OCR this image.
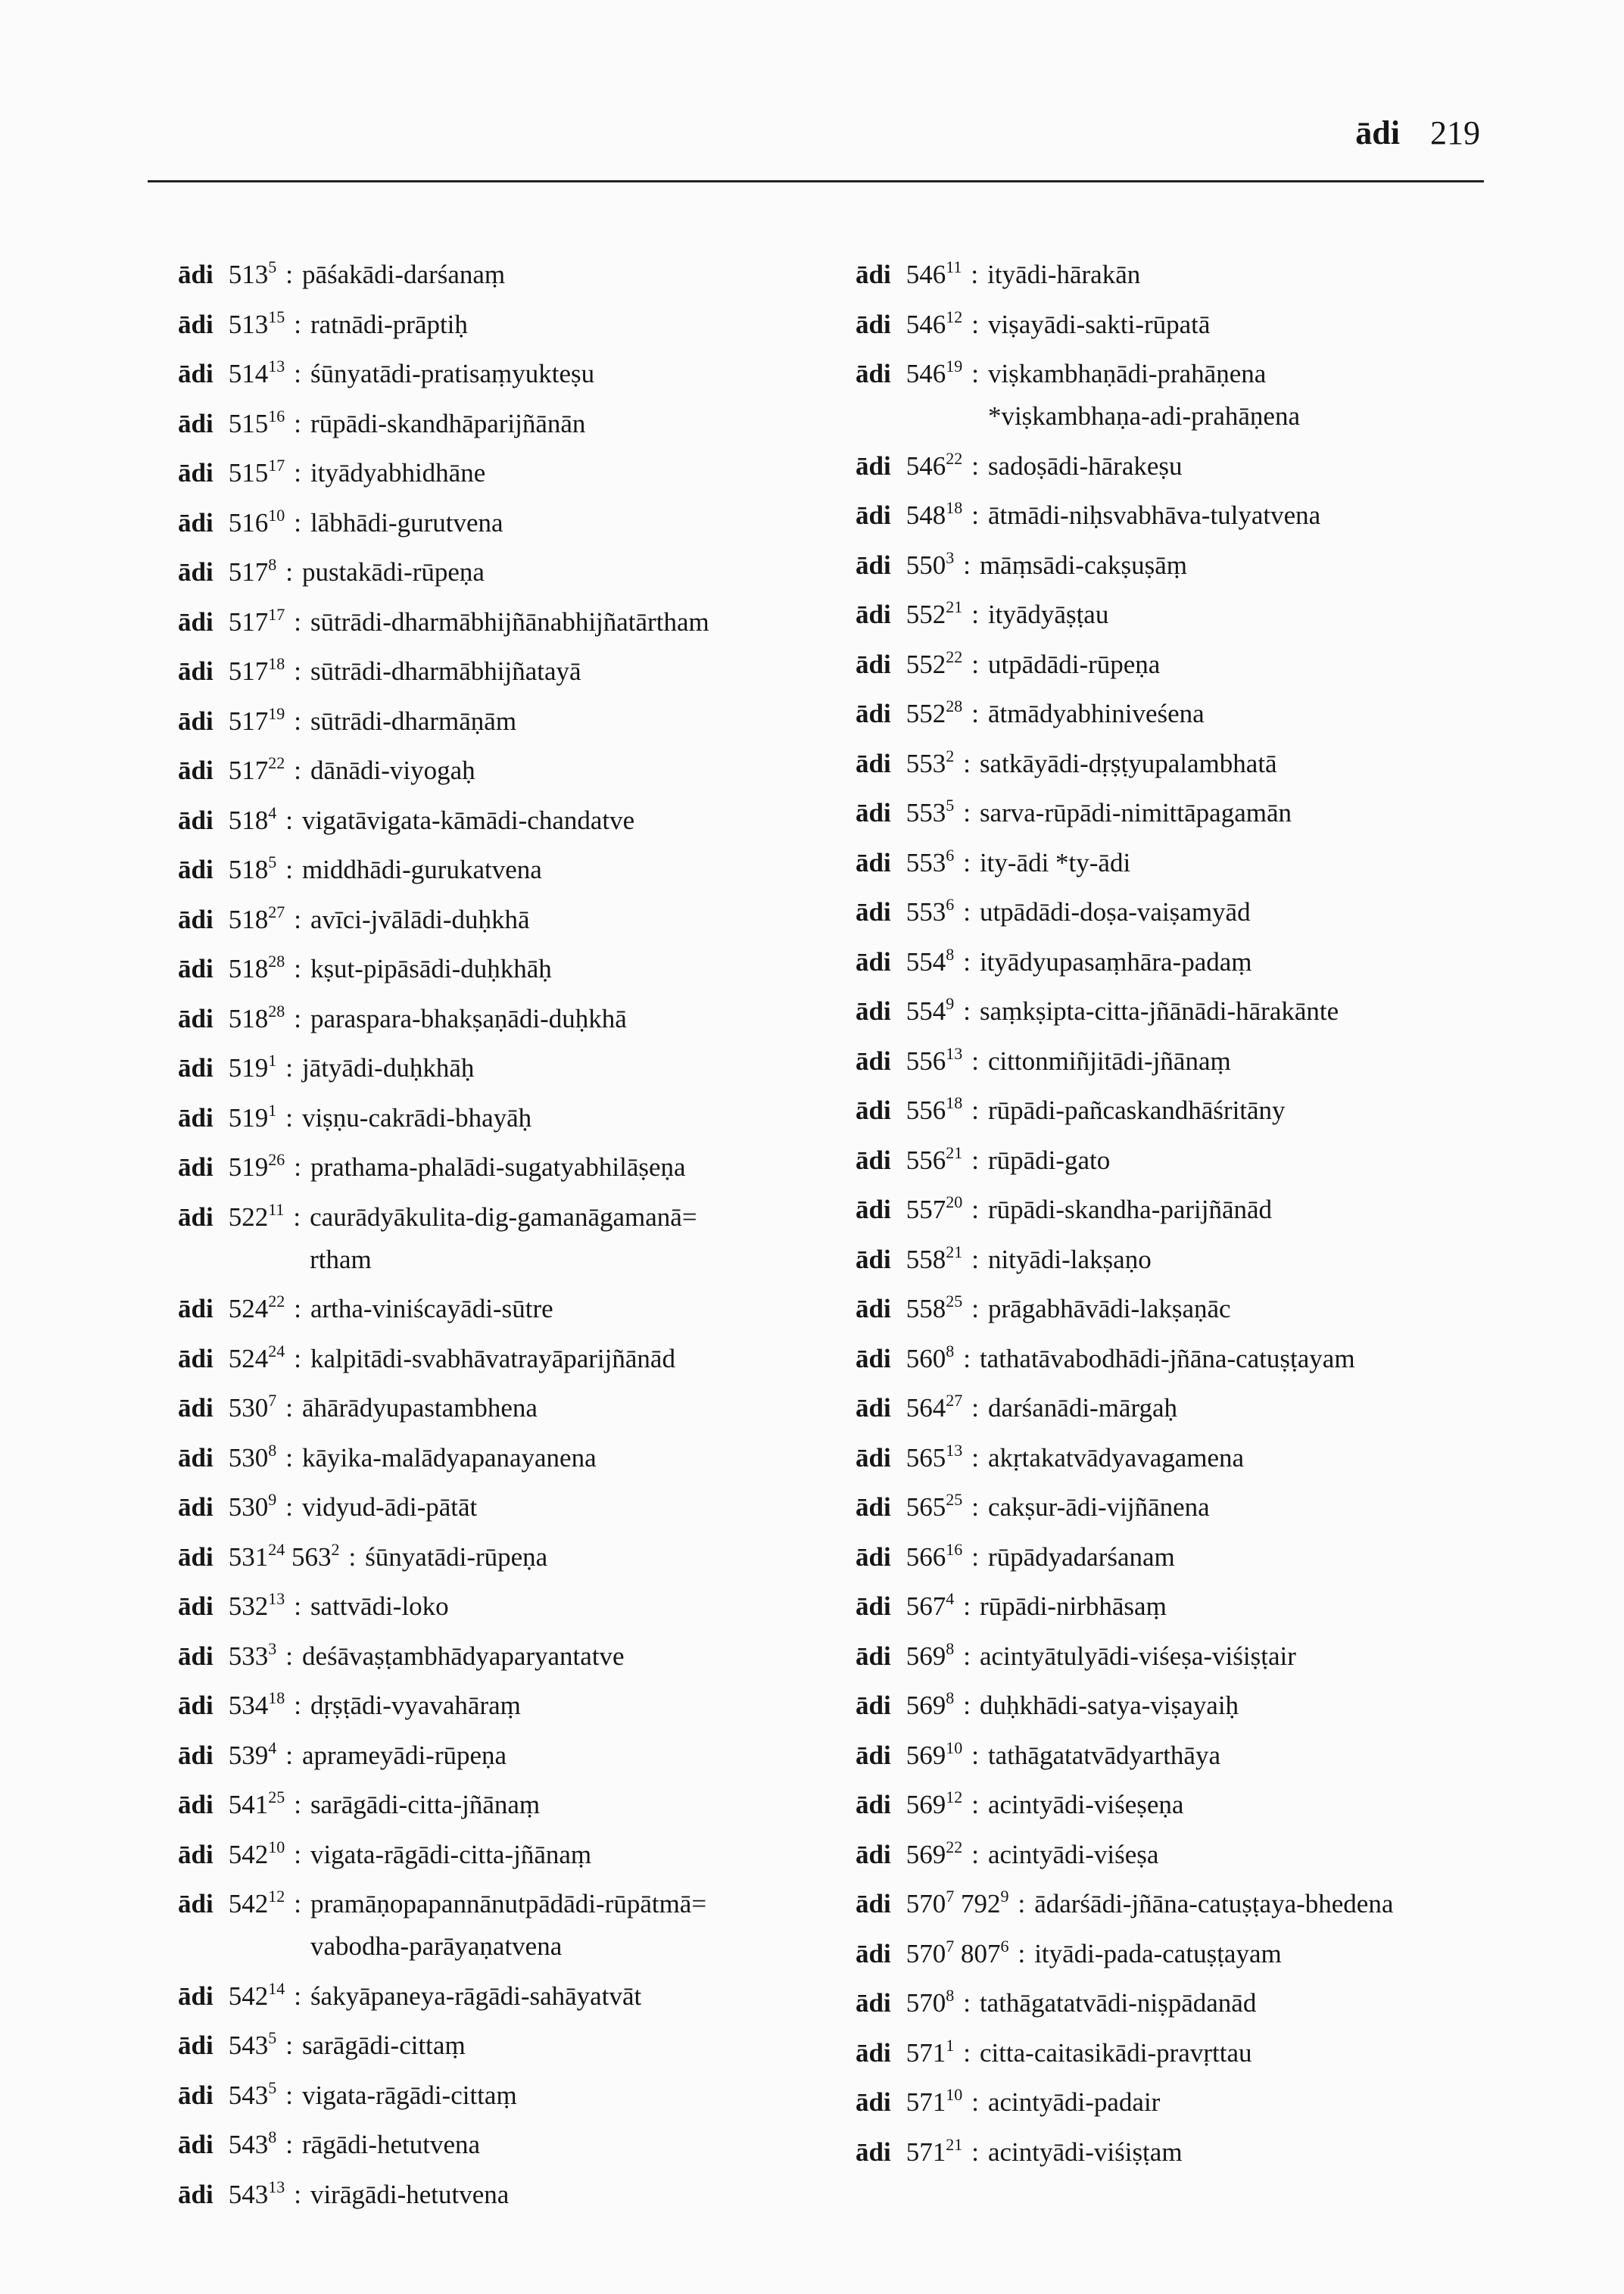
ādi 219
ādi $513^5$ : pāśakādi-darśanaṃ
ādi $513^{15}$ : ratnādi-prāptiḥ
ādi $514^{13}$ : śūnyatādi-pratisaṃyukteṣu
ādi $515^{16}$ : rūpādi-skandhāparijñānān
ādi $515^{17}$ : ityādyabhidhāne
ādi $516^{10}$ : lābhādi-gurutvena
ādi $517^8$ : pustakādi-rūpeṇa
ādi $517^{17}$ : sūtrādi-dharmābhijñānabhijñatārtham
ādi $517^{18}$ : sūtrādi-dharmābhijñatayā
ādi $517^{19}$ : sūtrādi-dharmāṇām
ādi $517^{22}$ : dānādi-viyogaḥ
ādi $518^4$ : vigatāvigata-kāmādi-chandatve
ādi $518^5$ : middhādi-gurukatvena
ādi $518^{27}$ : avīci-jvālādi-duḥkhā
ādi $518^{28}$ : kṣut-pipāsādi-duḥkhāḥ
ādi $518^{28}$ : paraspara-bhakṣaṇādi-duḥkhā
ādi $519^1$ : jātyādi-duḥkhāḥ
ādi $519^1$ : viṣṇu-cakrādi-bhayāḥ
ādi $519^{26}$ : prathama-phalādi-sugatyabhilāṣeṇa
ādi $522^{11}$ : caurādyākulita-dig-gamanāgamanā=
rtham
ādi $524^{22}$ : artha-viniścayādi-sūtre
ādi $524^{24}$ : kalpitādi-svabhāvatrayāparijñānād
ādi $530^7$ : āhārādyupastambhena
ādi $530^8$ : kāyika-malādyapanayanena
ādi $530^9$ : vidyud-ādi-pātāt
ādi $531^{24}$ $563^2$ : śūnyatādi-rūpeṇa
ādi $532^{13}$ : sattvādi-loko
ādi $533^3$ : deśāvaṣṭambhādyaparyantatve
ādi $534^{18}$ : dṛṣṭādi-vyavahāraṃ
ādi $539^4$ : aprameyādi-rūpeṇa
ādi $541^{25}$ : sarāgādi-citta-jñānaṃ
ādi $542^{10}$ : vigata-rāgādi-citta-jñānaṃ
ādi $542^{12}$ : pramāṇopapannānutpādādi-rūpātmā=
vabodha-parāyaṇatvena
ādi $542^{14}$ : śakyāpaneya-rāgādi-sahāyatvāt
ādi $543^5$ : sarāgādi-cittaṃ
ādi $543^5$ : vigata-rāgādi-cittaṃ
ādi $543^8$ : rāgādi-hetutvena
ādi $543^{13}$ : virāgādi-hetutvena
ādi $546^{11}$ : ityādi-hārakān
ādi $546^{12}$ : viṣayādi-sakti-rūpatā
ādi $546^{19}$ : viṣkambhaṇādi-prahāṇena
*viṣkambhaṇa-adi-prahāṇena
ādi $546^{22}$ : sadoṣādi-hārakeṣu
ādi $548^{18}$ : ātmādi-niḥsvabhāva-tulyatvena
ādi $550^3$ : māṃsādi-cakṣuṣāṃ
ādi $552^{21}$ : ityādyāṣṭau
ādi $552^{22}$ : utpādādi-rūpeṇa
ādi $552^{28}$ : ātmādyabhiniveśena
ādi $553^2$ : satkāyādi-dṛṣṭyupalambhatā
ādi $553^5$ : sarva-rūpādi-nimittāpagamān
ādi $553^6$ : ity-ādi *ty-ādi
ādi $553^6$ : utpādādi-doṣa-vaiṣamyād
ādi $554^8$ : ityādyupasaṃhāra-padaṃ
ādi $554^9$ : saṃkṣipta-citta-jñānādi-hārakānte
ādi $556^{13}$ : cittonmiñjitādi-jñānaṃ
ādi $556^{18}$ : rūpādi-pañcaskandhāśritāny
ādi $556^{21}$ : rūpādi-gato
ādi $557^{20}$ : rūpādi-skandha-parijñānād
ādi $558^{21}$ : nityādi-lakṣaṇo
ādi $558^{25}$ : prāgabhāvādi-lakṣaṇāc
ādi $560^8$ : tathatāvabodhādi-jñāna-catuṣṭayam
ādi $564^{27}$ : darśanādi-mārgaḥ
ādi $565^{13}$ : akṛtakatvādyavagamena
ādi $565^{25}$ : cakṣur-ādi-vijñānena
ādi $566^{16}$ : rūpādyadarśanam
ādi $567^4$ : rūpādi-nirbhāsaṃ
ādi $569^8$ : acintyātulyādi-viśeṣa-viśiṣṭair
ādi $569^8$ : duḥkhādi-satya-viṣayaiḥ
ādi $569^{10}$ : tathāgatatvādyarthāya
ādi $569^{12}$ : acintyādi-viśeṣeṇa
ādi $569^{22}$ : acintyādi-viśeṣa
ādi $570^7$ $792^9$ : ādarśādi-jñāna-catuṣṭaya-bhedena
ādi $570^7$ $807^6$ : ityādi-pada-catuṣṭayam
ādi $570^8$ : tathāgatatvādi-niṣpādanād
ādi $571^1$ : citta-caitasikādi-pravṛttau
ādi $571^{10}$ : acintyādi-padair
ādi $571^{21}$ : acintyādi-viśiṣṭam
